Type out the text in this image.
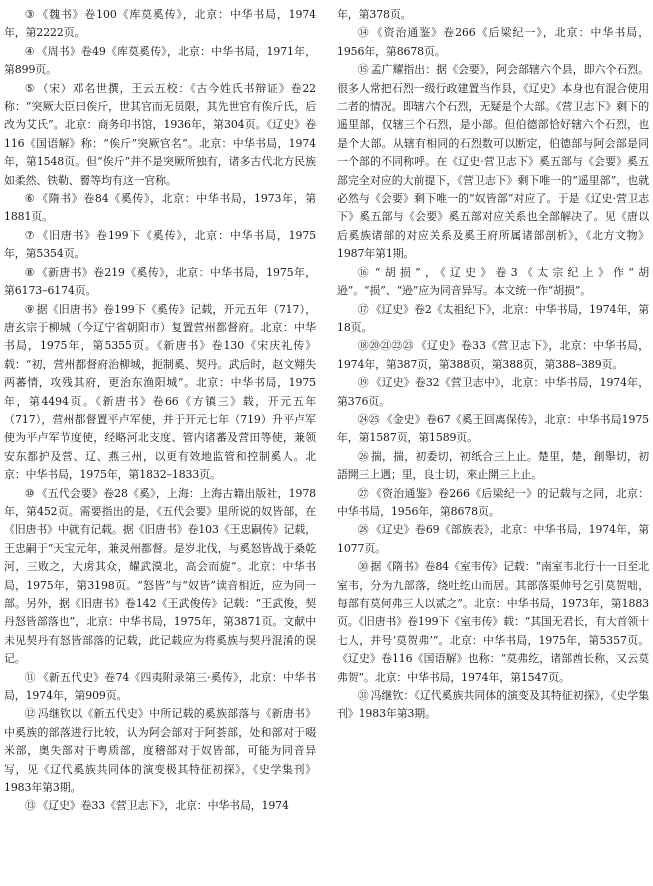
③ 《魏书》卷100《库莫奚传》，北京：中华书局，1974年，第2222页。

④ 《周书》卷49《库莫奚传》，北京：中华书局，1971年，第899页。

⑤ （宋）邓名世撰，王云五校：《古今姓氏书辩证》卷22称：“突厥大臣曰俟斤，世其官而无员限，其先世官有俟斤氏，后改为艾氏”。北京：商务印书馆，1936年，第304页。《辽史》卷116《国语解》称：“俟斤”突厥官名”。北京：中华书局，1974年，第1548页。但“俟斤”并不是突厥所独有，诸多古代北方民族如柔然、铁勒、霫等均有这一官称。

⑥ 《隋书》卷84《奚传》，北京：中华书局，1973年，第1881页。

⑦ 《旧唐书》卷199下《奚传》，北京：中华书局，1975年，第5354页。

⑧ 《新唐书》卷219《奚传》，北京：中华书局，1975年，第6173–6174页。

⑨ 据《旧唐书》卷199下《奚传》记载，开元五年（717），唐玄宗于柳城（今辽宁省朝阳市）复置营州都督府。北京：中华书局，1975年，第5355页。《新唐书》卷130《宋庆礼传》载：“初，营州都督府治柳城，扼制奚、契丹。武后时，赵文翙失两蕃情，攻残其府，更治东渔阳城”。北京：中华书局，1975年，第4494页。《新唐书》卷66《方镇三》载，开元五年（717），营州都督置平卢军使，并于开元七年（719）升平卢军使为平卢军节度使，经略河北支度、管内诸蕃及营田等使，兼领安东都护及营、辽、燕三州，以更有效地监管和控制奚人。北京：中华书局，1975年，第1832–1833页。

⑩ 《五代会要》卷28《奚》，上海：上海古籍出版社，1978年，第452页。需要指出的是，《五代会要》里所说的奴皆部，在《旧唐书》中就有记载。据《旧唐书》卷103《王忠嗣传》记载，王忠嗣于“天宝元年，兼灵州都督。是岁北伐，与奚怒皆战于桑乾河，三败之，大虏其众，耀武漠北，高会而旋”。北京：中华书局，1975年，第3198页。“怒皆”与“奴皆”读音相近，应为同一部。另外，据《旧唐书》卷142《王武俊传》记载：“王武俊，契丹怒皆部落也”，北京：中华书局，1975年，第3871页。文献中未见契丹有怒皆部落的记载，此记载应为将奚族与契丹混淆的误记。

⑪ 《新五代史》卷74《四夷附录第三·奚传》，北京：中华书局，1974年，第909页。

⑫ 冯继钦以《新五代史》中所记载的奚族部落与《新唐书》中奚族的部落进行比较，认为阿会部对于阿荟部，处和部对于啜米部，奥失部对于粤质部，度稽部对于奴皆部，可能为同音异写，见《辽代奚族共同体的演变极其特征初探》，《史学集刊》1983年第3期。

⑬ 《辽史》卷33《营卫志下》，北京：中华书局，1974

年，第378页。

⑭ 《资治通鉴》卷266《后梁纪一》，北京：中华书局，1956年，第8678页。

⑮ 孟广耀指出：据《会要》，阿会部辖六个县，即六个石烈。很多人常把石烈一级行政建置当作县，《辽史》本身也有混合使用二者的情况。即辖六个石烈，无疑是个大部。《营卫志下》剩下的遥里部，仅辖三个石烈，是小部。但伯德部恰好辖六个石烈，也是个大部。从辖有相同的石烈数可以断定，伯德部与阿会部是同一个部的不同称呼。在《辽史·营卫志下》奚五部与《会要》奚五部完全对应的大前提下，《营卫志下》剩下唯一的“遥里部”，也就必然与《会要》剩下唯一的“奴皆部”对应了。于是《辽史·营卫志下》奚五部与《会要》奚五部对应关系也全部解决了。见《唐以后奚族诸部的对应关系及奚王府所属诸部剖析》，《北方文物》1987年第1期。

⑯ “胡损”，《辽史》卷3《太宗纪上》作“胡逊”。“损”、“逊”应为同音异写。本文统一作“胡损”。

⑰ 《辽史》卷2《太祖纪下》，北京：中华书局，1974年，第18页。

⑱⑳㉑㉒㉓ 《辽史》卷33《营卫志下》，北京：中华书局，1974年，第387页，第388页，第388页，第388–389页。

⑲ 《辽史》卷32《营卫志中》，北京：中华书局，1974年，第376页。

㉔㉕ 《金史》卷67《奚王回离保传》，北京：中华书局1975年，第1587页，第1589页。

㉖ 揣，揣，初委切，初纸合三上止。楚里，楚，創舉切，初語開三上遇；里，良士切，來止開三上止。

㉗ 《资治通鉴》卷266《后梁纪一》的记载与之同，北京：中华书局，1956年，第8678页。

㉘ 《辽史》卷69《部族表》，北京：中华书局，1974年，第1077页。

㉚ 据《隋书》卷84《室韦传》记载：“南室韦北行十一日至北室韦，分为九部落，绕吐纥山而居。其部落渠帅号乞引莫贺咄，每部有莫何弗三人以贰之”。北京：中华书局，1973年，第1883页。《旧唐书》卷199下《室韦传》载：“其国无君长，有大首领十七人，并号‘莫贺弗’”。北京：中华书局，1975年，第5357页。《辽史》卷116《国语解》也称：“莫弗纥，诸部酋长称，又云莫弗贺”。北京：中华书局，1974年，第1547页。

㉛ 冯继钦：《辽代奚族共同体的演变及其特征初探》，《史学集刊》1983年第3期。
